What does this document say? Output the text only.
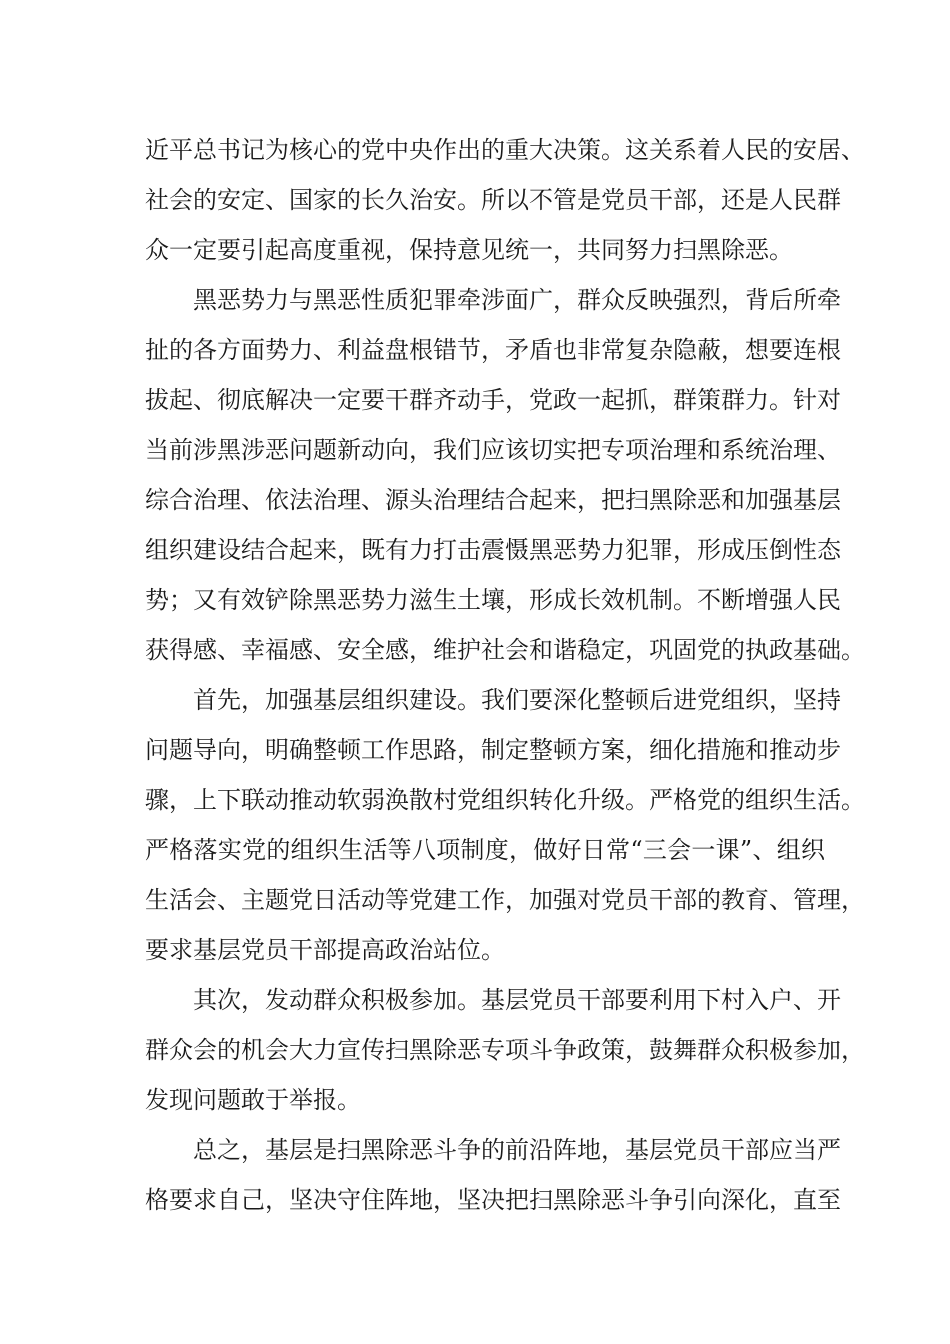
近平总书记为核心的党中央作出的重大决策。这关系着人民的安居、
社会的安定、国家的长久治安。所以不管是党员干部，还是人民群
众一定要引起高度重视，保持意见统一，共同努力扫黑除恶。
黑恶势力与黑恶性质犯罪牵涉面广，群众反映强烈，背后所牵
扯的各方面势力、利益盘根错节，矛盾也非常复杂隐蔽，想要连根
拔起、彻底解决一定要干群齐动手，党政一起抓，群策群力。针对
当前涉黑涉恶问题新动向，我们应该切实把专项治理和系统治理、
综合治理、依法治理、源头治理结合起来，把扫黑除恶和加强基层
组织建设结合起来，既有力打击震慑黑恶势力犯罪，形成压倒性态
势；又有效铲除黑恶势力滋生土壤，形成长效机制。不断增强人民
获得感、幸福感、安全感，维护社会和谐稳定，巩固党的执政基础。
首先，加强基层组织建设。我们要深化整顿后进党组织，坚持
问题导向，明确整顿工作思路，制定整顿方案，细化措施和推动步
骤，上下联动推动软弱涣散村党组织转化升级。严格党的组织生活。
严格落实党的组织生活等八项制度，做好日常“三会一课”、组织
生活会、主题党日活动等党建工作，加强对党员干部的教育、管理，
要求基层党员干部提高政治站位。
其次，发动群众积极参加。基层党员干部要利用下村入户、开
群众会的机会大力宣传扫黑除恶专项斗争政策，鼓舞群众积极参加，
发现问题敢于举报。
总之，基层是扫黑除恶斗争的前沿阵地，基层党员干部应当严
格要求自己，坚决守住阵地，坚决把扫黑除恶斗争引向深化，直至
